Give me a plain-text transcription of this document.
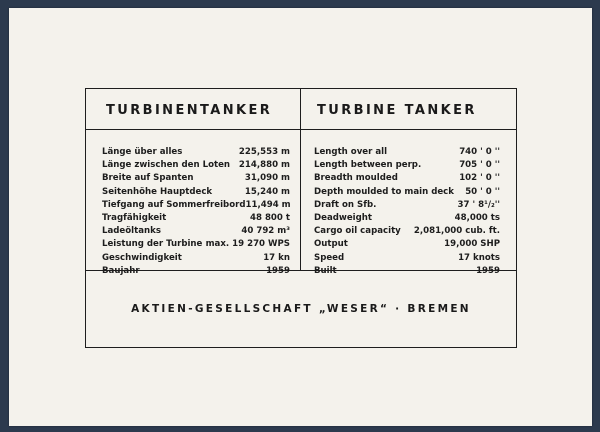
TURBINENTANKER	TURBINE TANKER
Länge über alles	225,553 m
Länge zwischen den Loten 214,880 m
Breite auf Spanten	31,090 m
Seitenhöhe Hauptdeck	15,240 m
Tiefgang auf Sommerfreibord 11,494 m
Tragfähigkeit	48 800 t
Ladeöltanks	40 792 m³
Leistung der Turbine max. 19 270 WPS
Geschwindigkeit	17 kn
Baujahr	1959
Length over all	740 ' 0 ''
Length between perp.	705 ' 0 ''
Breadth moulded	102 ' 0 ''
Depth moulded to main deck 50 ' 0 ''
Draft on Sfb.	37 ' 8¹/₂''
Deadweight	48,000 ts
Cargo oil capacity 2,081,000 cub. ft.
Output	19,000 SHP
Speed	17 knots
Built	1959
AKTIEN-GESELLSCHAFT „WESER“ · BREMEN
